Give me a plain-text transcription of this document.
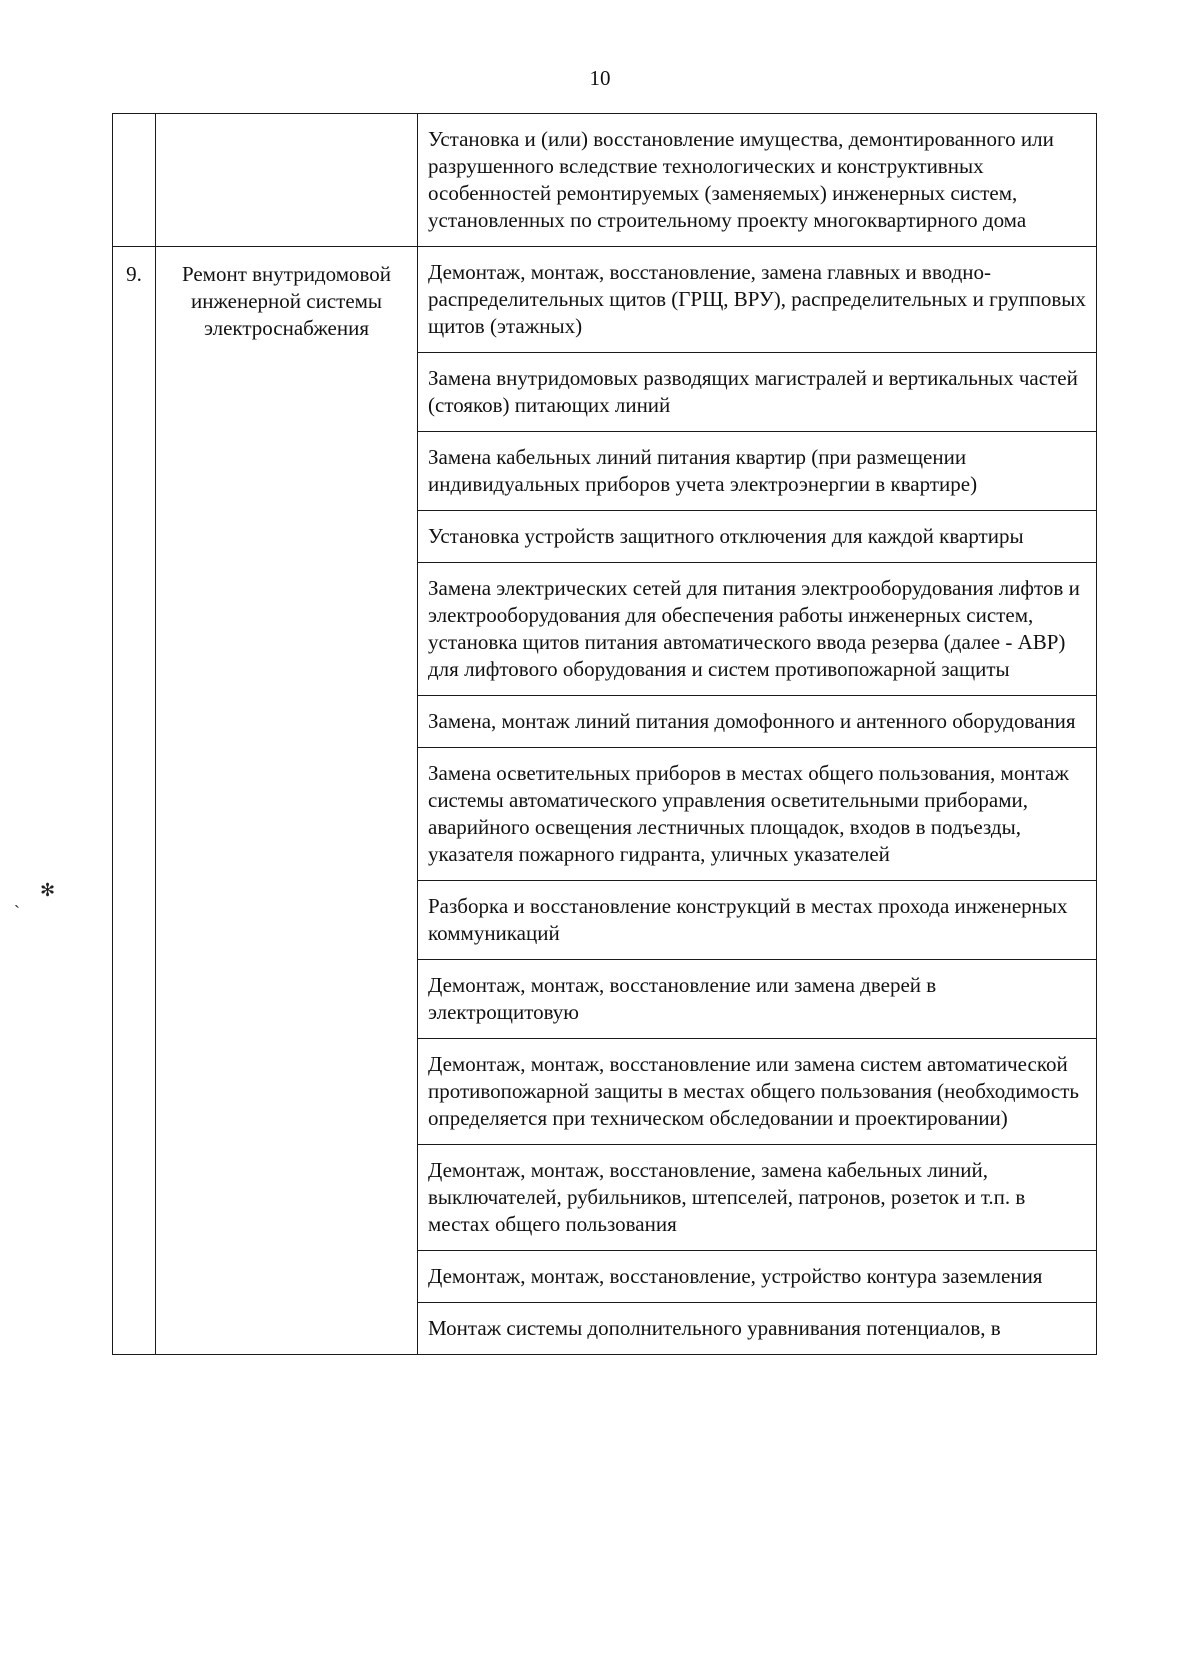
10
ˎ ✻
		Установка и (или) восстановление имущества, демонтированного или разрушенного вследствие технологических и конструктивных особенностей ремонтируемых (заменяемых) инженерных систем, установленных по строительному проекту многоквартирного дома
9.	Ремонт внутридомовой инженерной системы электроснабжения	Демонтаж, монтаж, восстановление, замена главных и вводно-распределительных щитов (ГРЩ, ВРУ), распределительных и групповых щитов (этажных)
		Замена внутридомовых разводящих магистралей и вертикальных частей (стояков) питающих линий
		Замена кабельных линий питания квартир (при размещении индивидуальных приборов учета электроэнергии в квартире)
		Установка устройств защитного отключения для каждой квартиры
		Замена электрических сетей для питания электрооборудования лифтов и электрооборудования для обеспечения работы инженерных систем, установка щитов питания автоматического ввода резерва (далее - АВР) для лифтового оборудования и систем противопожарной защиты
		Замена, монтаж линий питания домофонного и антенного оборудования
		Замена осветительных приборов в местах общего пользования, монтаж системы автоматического управления осветительными приборами, аварийного освещения лестничных площадок, входов в подъезды, указателя пожарного гидранта, уличных указателей
		Разборка и восстановление конструкций в местах прохода инженерных коммуникаций
		Демонтаж, монтаж, восстановление или замена дверей в электрощитовую
		Демонтаж, монтаж, восстановление или замена систем автоматической противопожарной защиты в местах общего пользования (необходимость определяется при техническом обследовании и проектировании)
		Демонтаж, монтаж, восстановление, замена кабельных линий, выключателей, рубильников, штепселей, патронов, розеток и т.п. в местах общего пользования
		Демонтаж, монтаж, восстановление, устройство контура заземления
		Монтаж системы дополнительного уравнивания потенциалов, в
